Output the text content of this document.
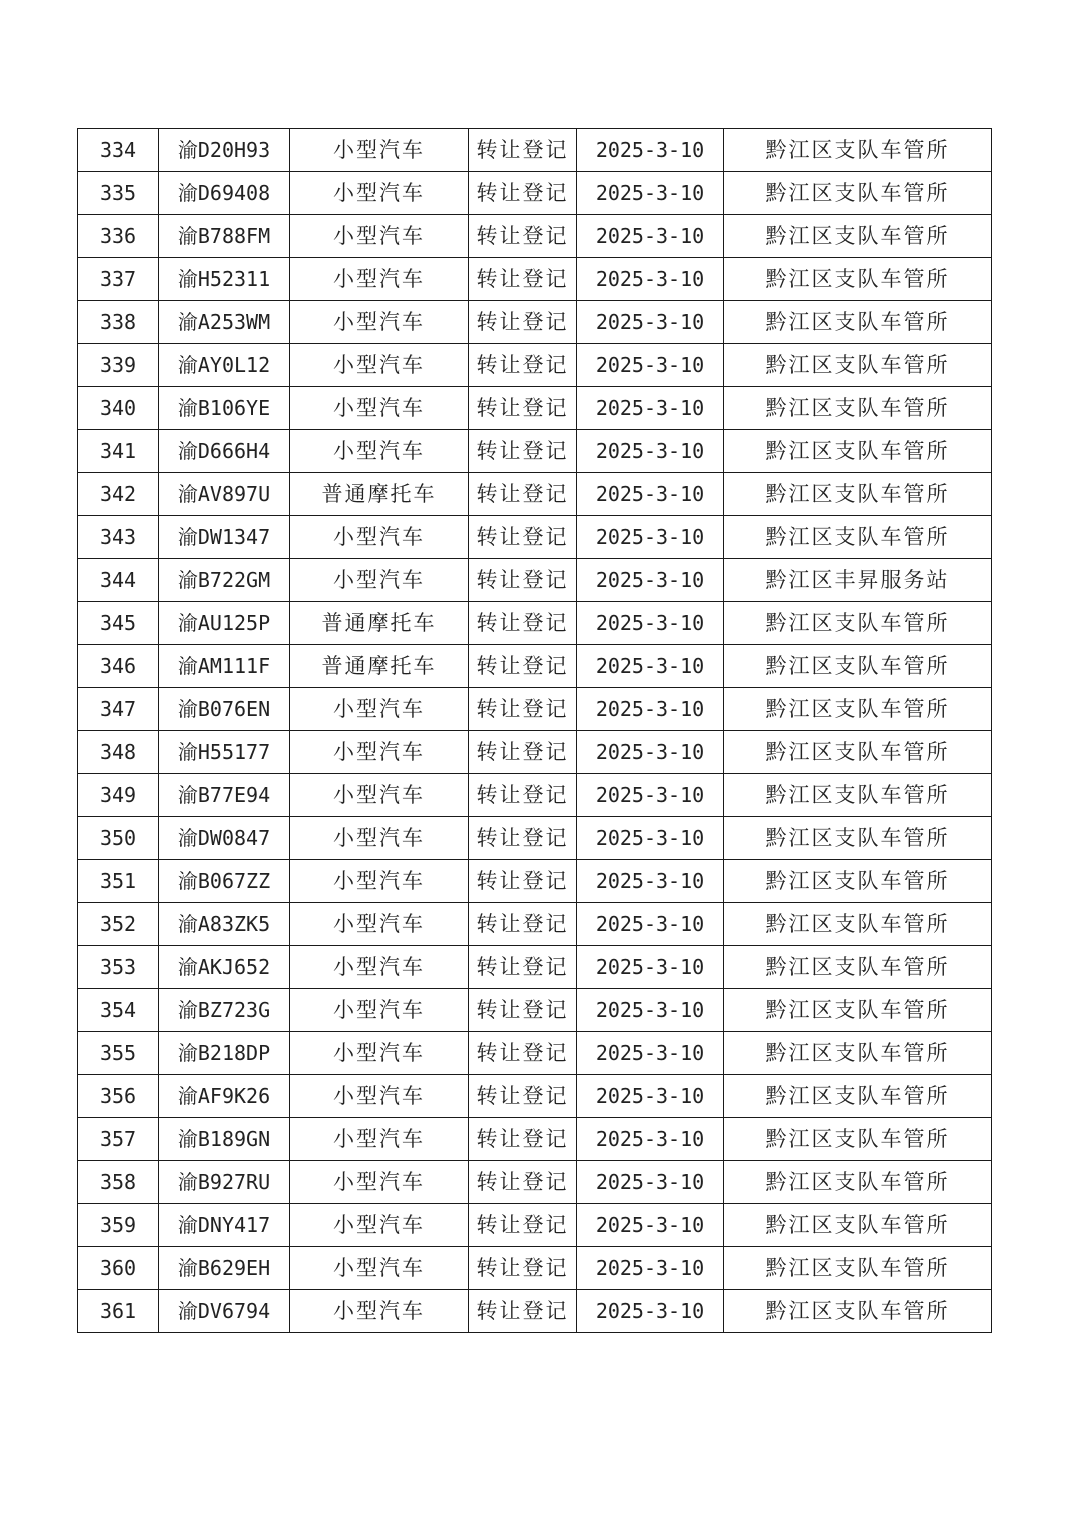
334	渝D20H93	小型汽车	转让登记	2025-3-10	黔江区支队车管所
335	渝D69408	小型汽车	转让登记	2025-3-10	黔江区支队车管所
336	渝B788FM	小型汽车	转让登记	2025-3-10	黔江区支队车管所
337	渝H52311	小型汽车	转让登记	2025-3-10	黔江区支队车管所
338	渝A253WM	小型汽车	转让登记	2025-3-10	黔江区支队车管所
339	渝AY0L12	小型汽车	转让登记	2025-3-10	黔江区支队车管所
340	渝B106YE	小型汽车	转让登记	2025-3-10	黔江区支队车管所
341	渝D666H4	小型汽车	转让登记	2025-3-10	黔江区支队车管所
342	渝AV897U	普通摩托车	转让登记	2025-3-10	黔江区支队车管所
343	渝DW1347	小型汽车	转让登记	2025-3-10	黔江区支队车管所
344	渝B722GM	小型汽车	转让登记	2025-3-10	黔江区丰昇服务站
345	渝AU125P	普通摩托车	转让登记	2025-3-10	黔江区支队车管所
346	渝AM111F	普通摩托车	转让登记	2025-3-10	黔江区支队车管所
347	渝B076EN	小型汽车	转让登记	2025-3-10	黔江区支队车管所
348	渝H55177	小型汽车	转让登记	2025-3-10	黔江区支队车管所
349	渝B77E94	小型汽车	转让登记	2025-3-10	黔江区支队车管所
350	渝DW0847	小型汽车	转让登记	2025-3-10	黔江区支队车管所
351	渝B067ZZ	小型汽车	转让登记	2025-3-10	黔江区支队车管所
352	渝A83ZK5	小型汽车	转让登记	2025-3-10	黔江区支队车管所
353	渝AKJ652	小型汽车	转让登记	2025-3-10	黔江区支队车管所
354	渝BZ723G	小型汽车	转让登记	2025-3-10	黔江区支队车管所
355	渝B218DP	小型汽车	转让登记	2025-3-10	黔江区支队车管所
356	渝AF9K26	小型汽车	转让登记	2025-3-10	黔江区支队车管所
357	渝B189GN	小型汽车	转让登记	2025-3-10	黔江区支队车管所
358	渝B927RU	小型汽车	转让登记	2025-3-10	黔江区支队车管所
359	渝DNY417	小型汽车	转让登记	2025-3-10	黔江区支队车管所
360	渝B629EH	小型汽车	转让登记	2025-3-10	黔江区支队车管所
361	渝DV6794	小型汽车	转让登记	2025-3-10	黔江区支队车管所
